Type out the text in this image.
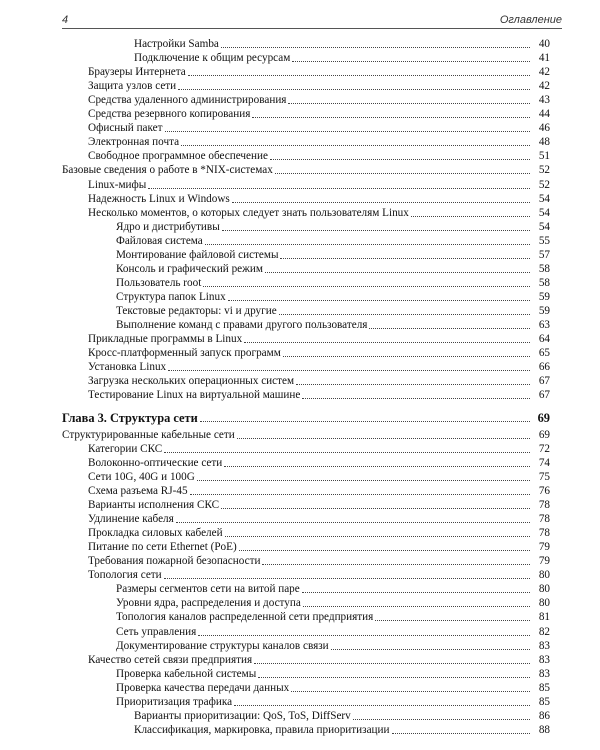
4	Оглавление
Настройки Samba	40
Подключение к общим ресурсам	41
Браузеры Интернета	42
Защита узлов сети	42
Средства удаленного администрирования	43
Средства резервного копирования	44
Офисный пакет	46
Электронная почта	48
Свободное программное обеспечение	51
Базовые сведения о работе в *NIX-системах	52
Linux-мифы	52
Надежность Linux и Windows	54
Несколько моментов, о которых следует знать пользователям Linux	54
Ядро и дистрибутивы	54
Файловая система	55
Монтирование файловой системы	57
Консоль и графический режим	58
Пользователь root	58
Структура папок Linux	59
Текстовые редакторы: vi и другие	59
Выполнение команд с правами другого пользователя	63
Прикладные программы в Linux	64
Кросс-платформенный запуск программ	65
Установка Linux	66
Загрузка нескольких операционных систем	67
Тестирование Linux на виртуальной машине	67
Глава 3. Структура сети	69
Структурированные кабельные сети	69
Категории СКС	72
Волоконно-оптические сети	74
Сети 10G, 40G и 100G	75
Схема разъема RJ-45	76
Варианты исполнения СКС	78
Удлинение кабеля	78
Прокладка силовых кабелей	78
Питание по сети Ethernet (PoE)	79
Требования пожарной безопасности	79
Топология сети	80
Размеры сегментов сети на витой паре	80
Уровни ядра, распределения и доступа	80
Топология каналов распределенной сети предприятия	81
Сеть управления	82
Документирование структуры каналов связи	83
Качество сетей связи предприятия	83
Проверка кабельной системы	83
Проверка качества передачи данных	85
Приоритизация трафика	85
Варианты приоритизации: QoS, ToS, DiffServ	86
Классификация, маркировка, правила приоритизации	88
